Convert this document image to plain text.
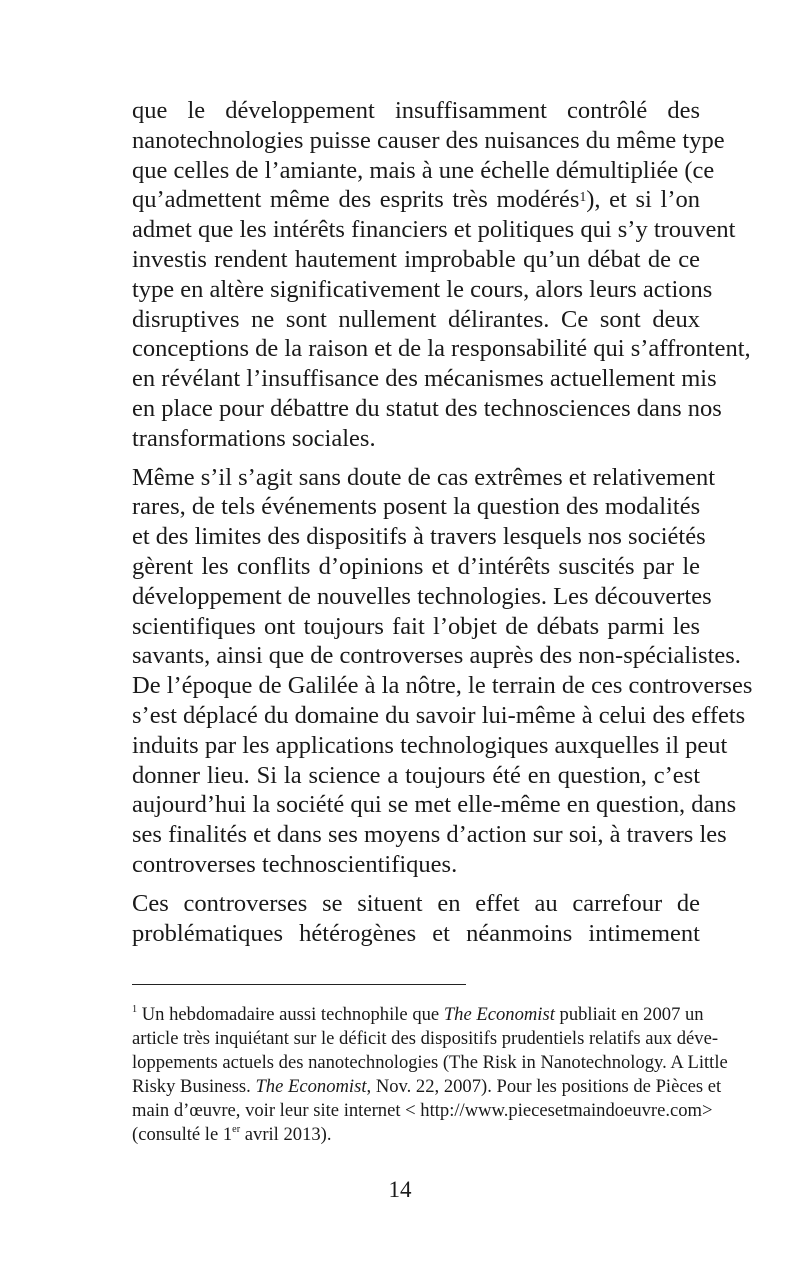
que le développement insuffisamment contrôlé des
nanotechnologies puisse causer des nuisances du même type
que celles de l’amiante, mais à une échelle démultipliée (ce
qu’admettent même des esprits très modérés$^1$), et si l’on
admet que les intérêts financiers et politiques qui s’y trouvent
investis rendent hautement improbable qu’un débat de ce
type en altère significativement le cours, alors leurs actions
disruptives ne sont nullement délirantes. Ce sont deux
conceptions de la raison et de la responsabilité qui s’affrontent,
en révélant l’insuffisance des mécanismes actuellement mis
en place pour débattre du statut des technosciences dans nos
transformations sociales.
Même s’il s’agit sans doute de cas extrêmes et relativement
rares, de tels événements posent la question des modalités
et des limites des dispositifs à travers lesquels nos sociétés
gèrent les conflits d’opinions et d’intérêts suscités par le
développement de nouvelles technologies. Les découvertes
scientifiques ont toujours fait l’objet de débats parmi les
savants, ainsi que de controverses auprès des non-spécialistes.
De l’époque de Galilée à la nôtre, le terrain de ces controverses
s’est déplacé du domaine du savoir lui-même à celui des effets
induits par les applications technologiques auxquelles il peut
donner lieu. Si la science a toujours été en question, c’est
aujourd’hui la société qui se met elle-même en question, dans
ses finalités et dans ses moyens d’action sur soi, à travers les
controverses technoscientifiques.
Ces controverses se situent en effet au carrefour de
problématiques hétérogènes et néanmoins intimement
$^1$ Un hebdomadaire aussi technophile que The Economist publiait en 2007 un
article très inquiétant sur le déficit des dispositifs prudentiels relatifs aux déve-
loppements actuels des nanotechnologies (The Risk in Nanotechnology. A Little
Risky Business. The Economist, Nov. 22, 2007). Pour les positions de Pièces et
main d’œuvre, voir leur site internet < http://www.piecesetmaindoeuvre.com>
(consulté le 1er avril 2013).
14
